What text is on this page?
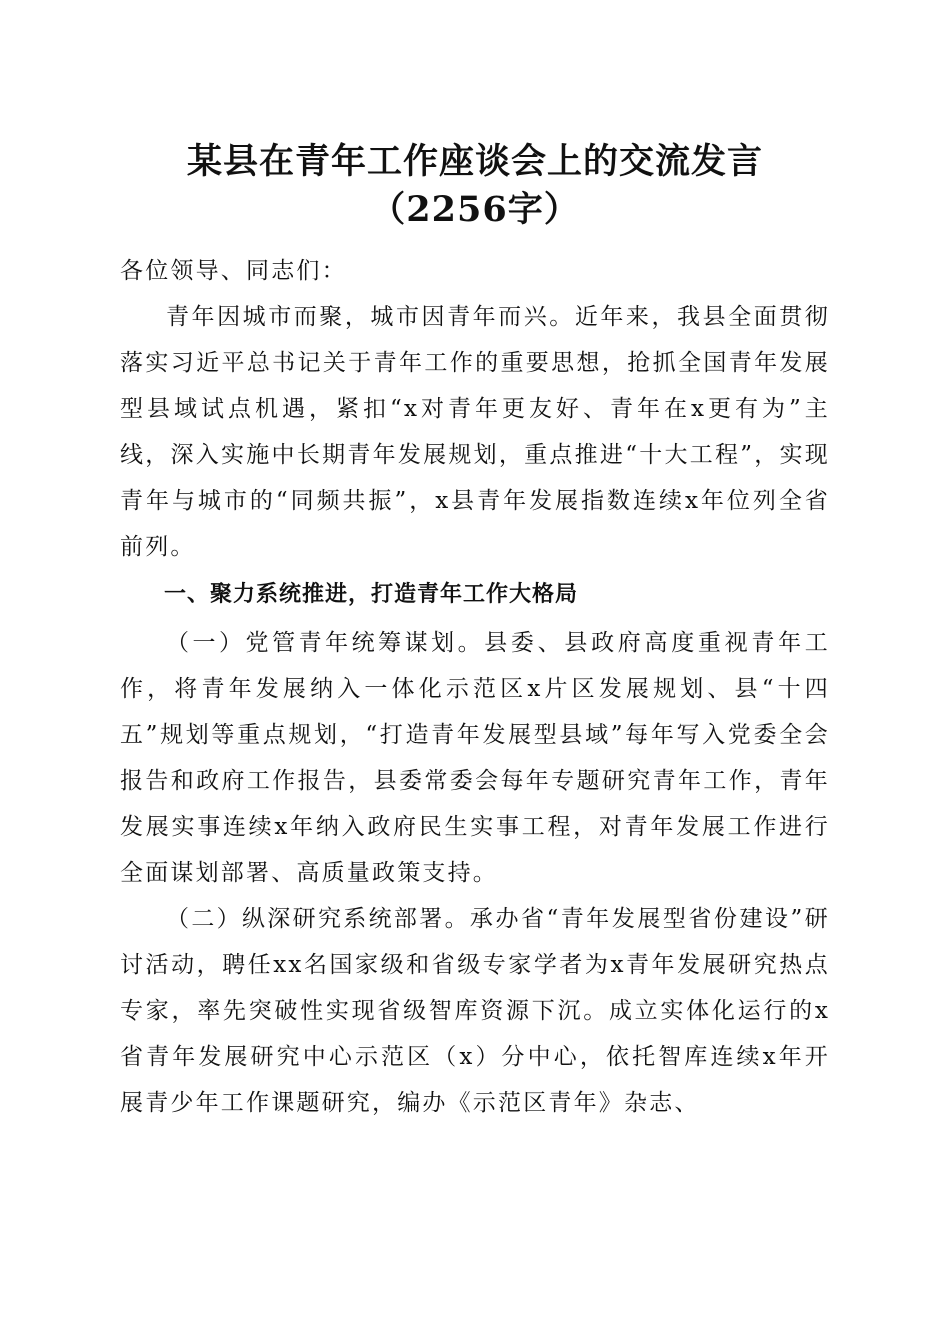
某县在青年工作座谈会上的交流发言（2256字）

各位领导、同志们：

青年因城市而聚，城市因青年而兴。近年来，我县全面贯彻落实习近平总书记关于青年工作的重要思想，抢抓全国青年发展型县域试点机遇，紧扣“x对青年更友好、青年在x更有为”主线，深入实施中长期青年发展规划，重点推进“十大工程”，实现青年与城市的“同频共振”，x县青年发展指数连续x年位列全省前列。

一、聚力系统推进，打造青年工作大格局

（一）党管青年统筹谋划。县委、县政府高度重视青年工作，将青年发展纳入一体化示范区x片区发展规划、县“十四五”规划等重点规划，“打造青年发展型县域”每年写入党委全会报告和政府工作报告，县委常委会每年专题研究青年工作，青年发展实事连续x年纳入政府民生实事工程，对青年发展工作进行全面谋划部署、高质量政策支持。

（二）纵深研究系统部署。承办省“青年发展型省份建设”研讨活动，聘任xx名国家级和省级专家学者为x青年发展研究热点专家，率先突破性实现省级智库资源下沉。成立实体化运行的x省青年发展研究中心示范区（x）分中心，依托智库连续x年开展青少年工作课题研究，编办《示范区青年》杂志、
